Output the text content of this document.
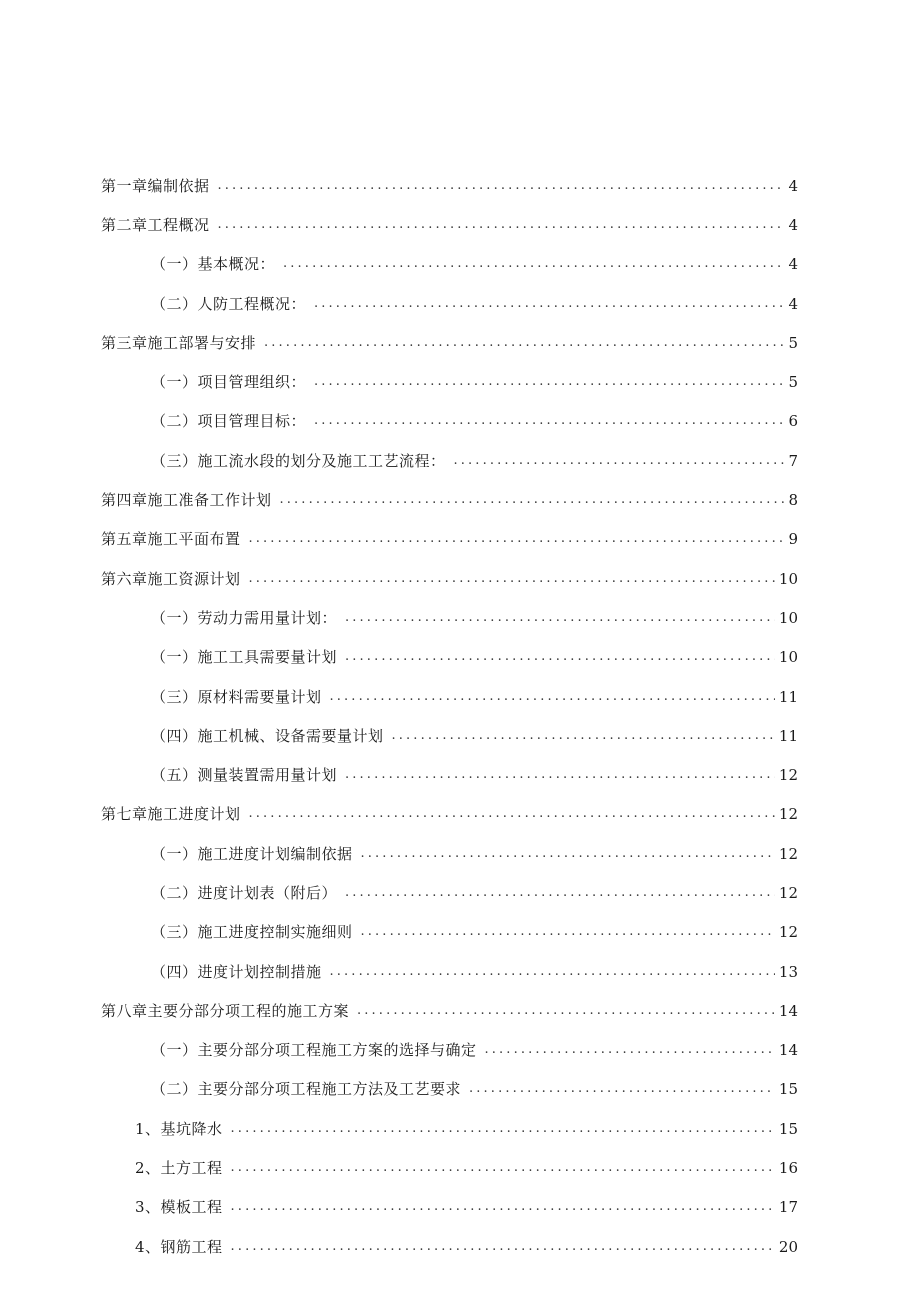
第一章编制依据 . . .	4
第二章工程概况 . . .	4
（一）基本概况： . . .	4
（二）人防工程概况： . . .	4
第三章施工部署与安排 . . .	5
（一）项目管理组织： . . .	5
（二）项目管理目标： . . .	6
（三）施工流水段的划分及施工工艺流程： . . .	7
第四章施工准备工作计划 . . .	8
第五章施工平面布置 . . .	9
第六章施工资源计划 . . .	10
（一）劳动力需用量计划： . . .	10
（一）施工工具需要量计划 . . .	10
（三）原材料需要量计划 . . .	11
（四）施工机械、设备需要量计划 . . .	11
（五）测量装置需用量计划 . . .	12
第七章施工进度计划 . . .	12
（一）施工进度计划编制依据 . . .	12
（二）进度计划表（附后） . . .	12
（三）施工进度控制实施细则 . . .	12
（四）进度计划控制措施 . . .	13
第八章主要分部分项工程的施工方案 . . .	14
（一）主要分部分项工程施工方案的选择与确定 . . .	14
（二）主要分部分项工程施工方法及工艺要求 . . .	15
1、基坑降水 . . .	15
2、土方工程 . . .	16
3、模板工程 . . .	17
4、钢筋工程 . . .	20
